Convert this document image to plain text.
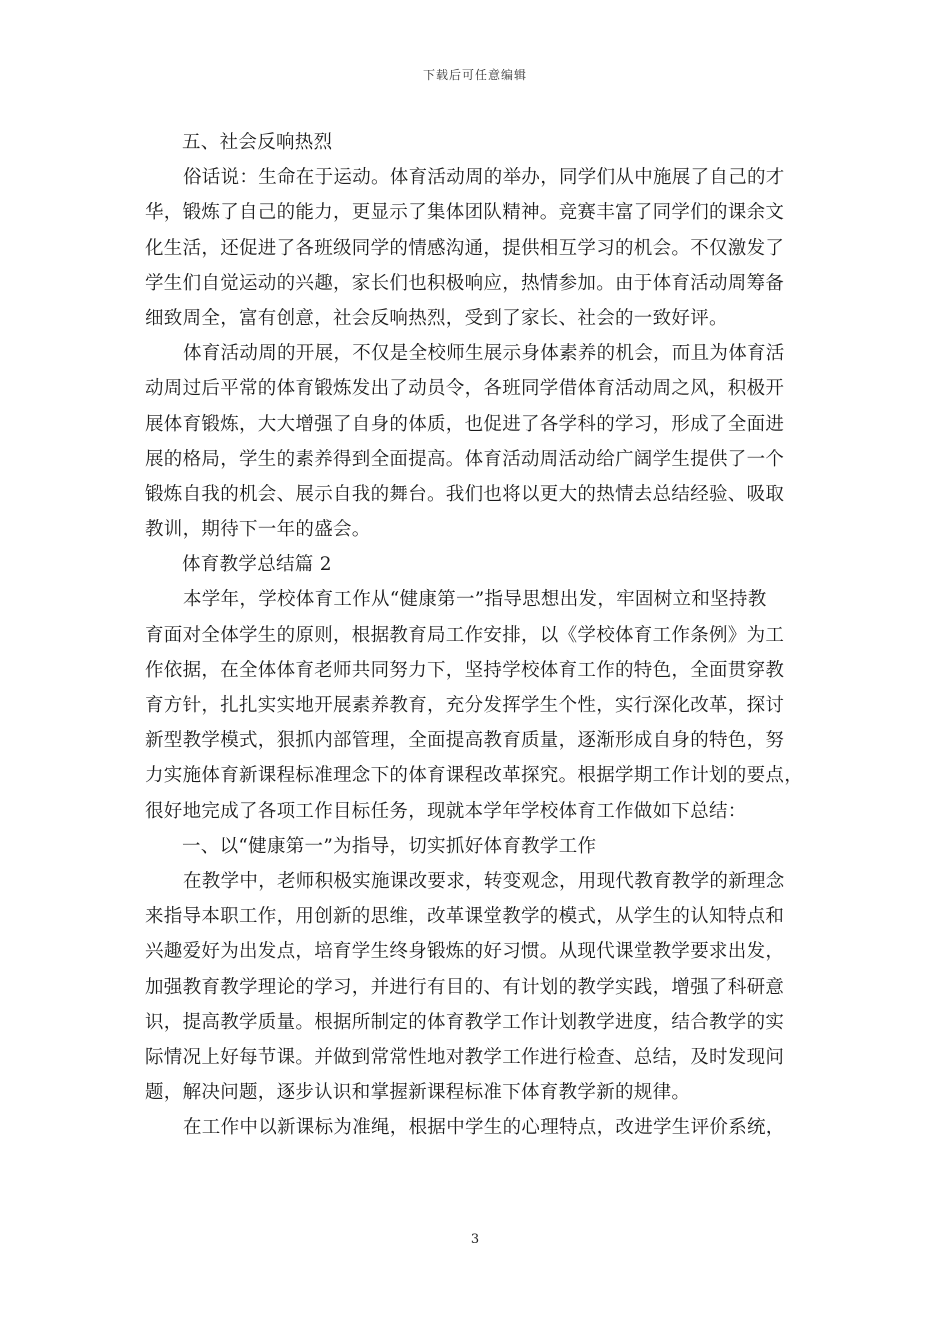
下载后可任意编辑
五、社会反响热烈
俗话说：生命在于运动。体育活动周的举办，同学们从中施展了自己的才
华，锻炼了自己的能力，更显示了集体团队精神。竞赛丰富了同学们的课余文
化生活，还促进了各班级同学的情感沟通，提供相互学习的机会。不仅激发了
学生们自觉运动的兴趣，家长们也积极响应，热情参加。由于体育活动周筹备
细致周全，富有创意，社会反响热烈，受到了家长、社会的一致好评。
体育活动周的开展，不仅是全校师生展示身体素养的机会，而且为体育活
动周过后平常的体育锻炼发出了动员令，各班同学借体育活动周之风，积极开
展体育锻炼，大大增强了自身的体质，也促进了各学科的学习，形成了全面进
展的格局，学生的素养得到全面提高。体育活动周活动给广阔学生提供了一个
锻炼自我的机会、展示自我的舞台。我们也将以更大的热情去总结经验、吸取
教训，期待下一年的盛会。
体育教学总结篇 2
本学年，学校体育工作从“健康第一”指导思想出发，牢固树立和坚持教
育面对全体学生的原则，根据教育局工作安排，以《学校体育工作条例》为工
作依据，在全体体育老师共同努力下，坚持学校体育工作的特色，全面贯穿教
育方针，扎扎实实地开展素养教育，充分发挥学生个性，实行深化改革，探讨
新型教学模式，狠抓内部管理，全面提高教育质量，逐渐形成自身的特色，努
力实施体育新课程标准理念下的体育课程改革探究。根据学期工作计划的要点，
很好地完成了各项工作目标任务，现就本学年学校体育工作做如下总结：
一、以“健康第一”为指导，切实抓好体育教学工作
在教学中，老师积极实施课改要求，转变观念，用现代教育教学的新理念
来指导本职工作，用创新的思维，改革课堂教学的模式，从学生的认知特点和
兴趣爱好为出发点，培育学生终身锻炼的好习惯。从现代课堂教学要求出发，
加强教育教学理论的学习，并进行有目的、有计划的教学实践，增强了科研意
识，提高教学质量。根据所制定的体育教学工作计划教学进度，结合教学的实
际情况上好每节课。并做到常常性地对教学工作进行检查、总结，及时发现问
题，解决问题，逐步认识和掌握新课程标准下体育教学新的规律。
在工作中以新课标为准绳，根据中学生的心理特点，改进学生评价系统，
3
